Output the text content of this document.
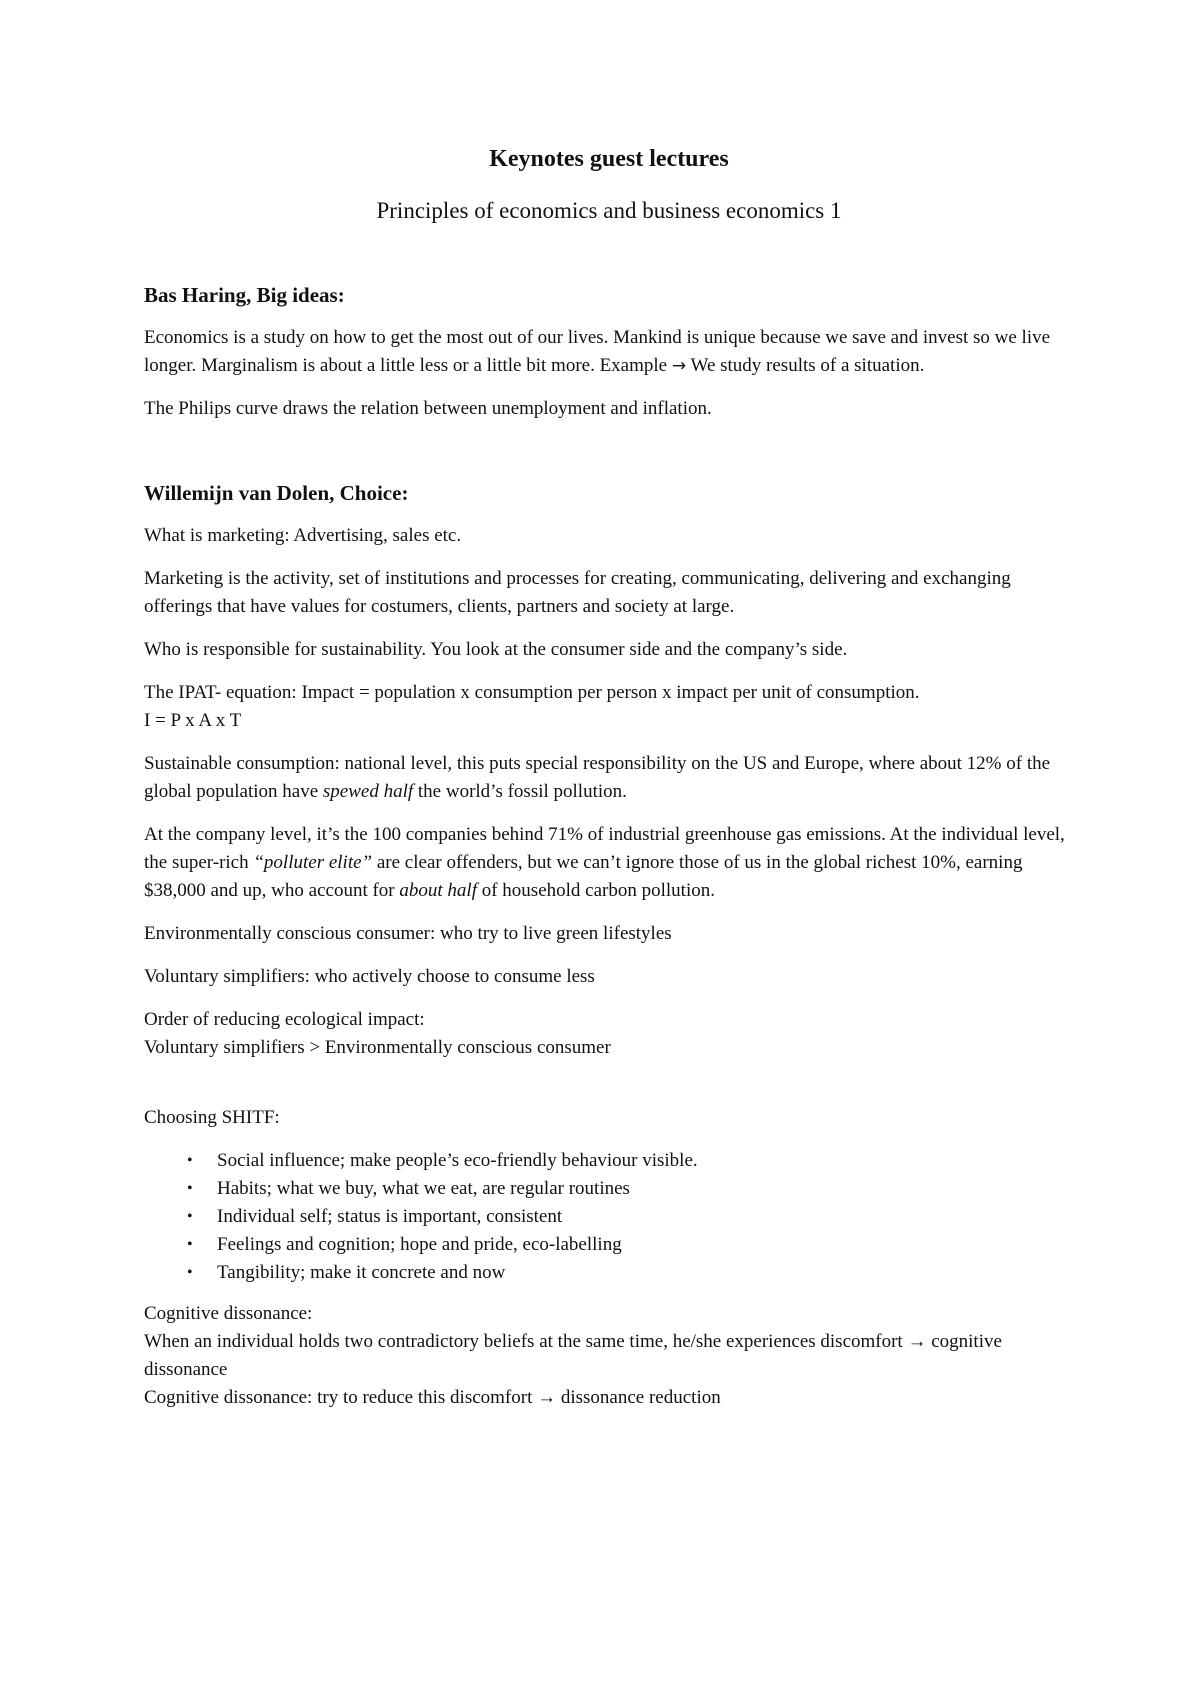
Keynotes guest lectures
Principles of economics and business economics 1
Bas Haring, Big ideas:

Economics is a study on how to get the most out of our lives. Mankind is unique because we save and invest so we live longer. Marginalism is about a little less or a little bit more. Example → We study results of a situation.

The Philips curve draws the relation between unemployment and inflation.

Willemijn van Dolen, Choice:

What is marketing: Advertising, sales etc.

Marketing is the activity, set of institutions and processes for creating, communicating, delivering and exchanging offerings that have values for costumers, clients, partners and society at large.

Who is responsible for sustainability. You look at the consumer side and the company’s side.

The IPAT- equation: Impact = population x consumption per person x impact per unit of consumption.
I = P x A x T

Sustainable consumption: national level, this puts special responsibility on the US and Europe, where about 12% of the global population have spewed half the world’s fossil pollution.

At the company level, it’s the 100 companies behind 71% of industrial greenhouse gas emissions. At the individual level, the super-rich “polluter elite” are clear offenders, but we can’t ignore those of us in the global richest 10%, earning $38,000 and up, who account for about half of household carbon pollution.

Environmentally conscious consumer: who try to live green lifestyles

Voluntary simplifiers: who actively choose to consume less

Order of reducing ecological impact:
Voluntary simplifiers > Environmentally conscious consumer

Choosing SHITF:

• Social influence; make people’s eco-friendly behaviour visible.
• Habits; what we buy, what we eat, are regular routines
• Individual self; status is important, consistent
• Feelings and cognition; hope and pride, eco-labelling
• Tangibility; make it concrete and now

Cognitive dissonance:
When an individual holds two contradictory beliefs at the same time, he/she experiences discomfort → cognitive dissonance
Cognitive dissonance: try to reduce this discomfort → dissonance reduction
